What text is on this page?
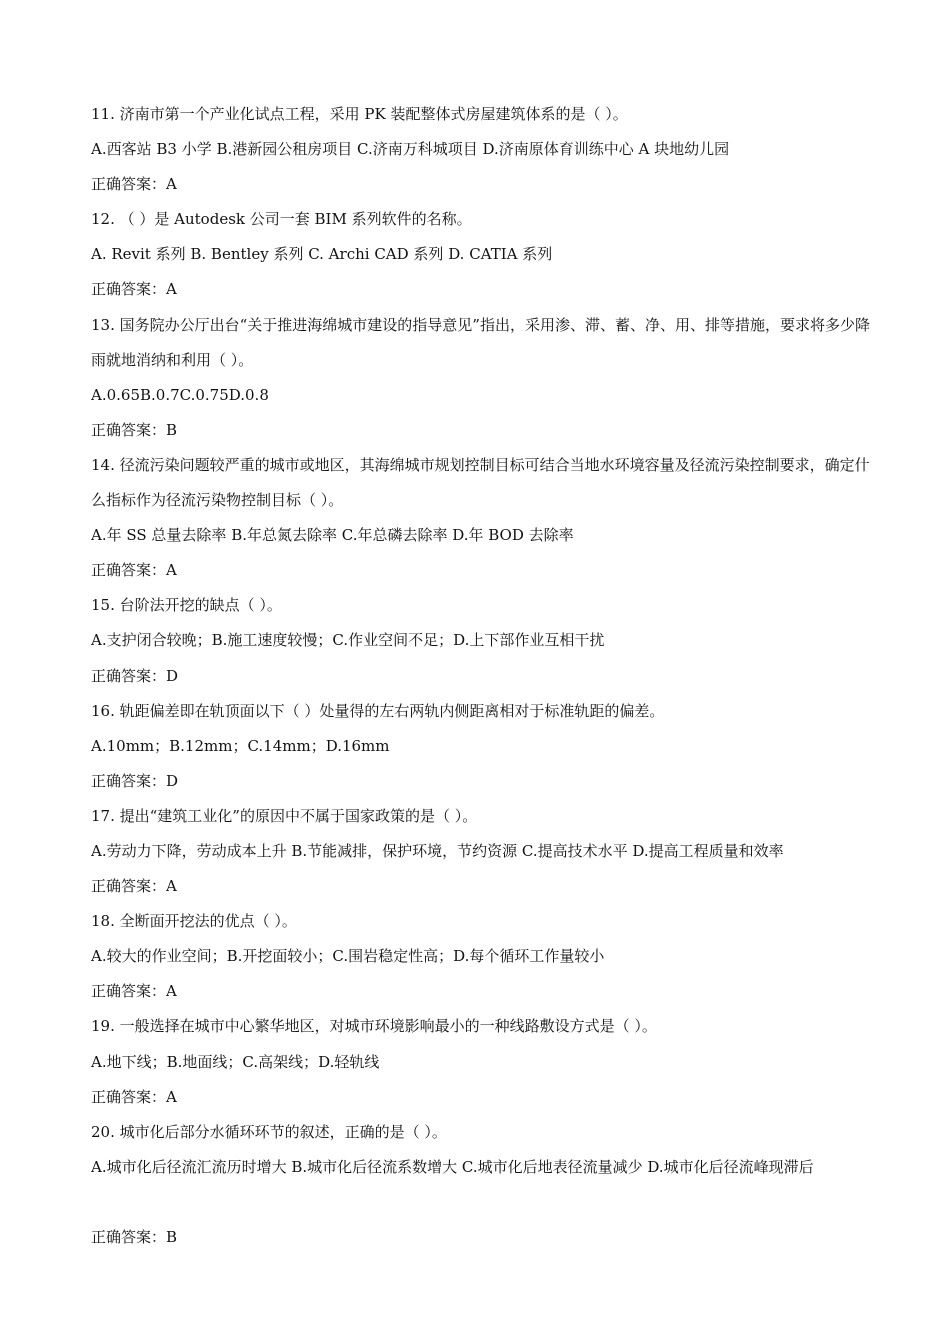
11. 济南市第一个产业化试点工程，采用 PK 装配整体式房屋建筑体系的是（ ）。
A.西客站 B3 小学 B.港新园公租房项目 C.济南万科城项目 D.济南原体育训练中心 A 块地幼儿园
正确答案：A
12. （ ）是 Autodesk 公司一套 BIM 系列软件的名称。
A. Revit 系列 B. Bentley 系列 C. Archi CAD 系列 D. CATIA 系列
正确答案：A
13. 国务院办公厅出台“关于推进海绵城市建设的指导意见”指出，采用渗、滞、蓄、净、用、排等措施，要求将多少降雨就地消纳和利用（ ）。
A.0.65B.0.7C.0.75D.0.8
正确答案：B
14. 径流污染问题较严重的城市或地区，其海绵城市规划控制目标可结合当地水环境容量及径流污染控制要求，确定什么指标作为径流污染物控制目标（ ）。
A.年 SS 总量去除率 B.年总氮去除率 C.年总磷去除率 D.年 BOD 去除率
正确答案：A
15. 台阶法开挖的缺点（ ）。
A.支护闭合较晚；B.施工速度较慢；C.作业空间不足；D.上下部作业互相干扰
正确答案：D
16. 轨距偏差即在轨顶面以下（ ）处量得的左右两轨内侧距离相对于标准轨距的偏差。
A.10mm；B.12mm；C.14mm；D.16mm
正确答案：D
17. 提出“建筑工业化”的原因中不属于国家政策的是（ ）。
A.劳动力下降，劳动成本上升 B.节能减排，保护环境，节约资源 C.提高技术水平 D.提高工程质量和效率
正确答案：A
18. 全断面开挖法的优点（ ）。
A.较大的作业空间；B.开挖面较小；C.围岩稳定性高；D.每个循环工作量较小
正确答案：A
19. 一般选择在城市中心繁华地区，对城市环境影响最小的一种线路敷设方式是（ ）。
A.地下线；B.地面线；C.高架线；D.轻轨线
正确答案：A
20. 城市化后部分水循环环节的叙述，正确的是（ ）。
A.城市化后径流汇流历时增大 B.城市化后径流系数增大 C.城市化后地表径流量减少 D.城市化后径流峰现滞后
正确答案：B
